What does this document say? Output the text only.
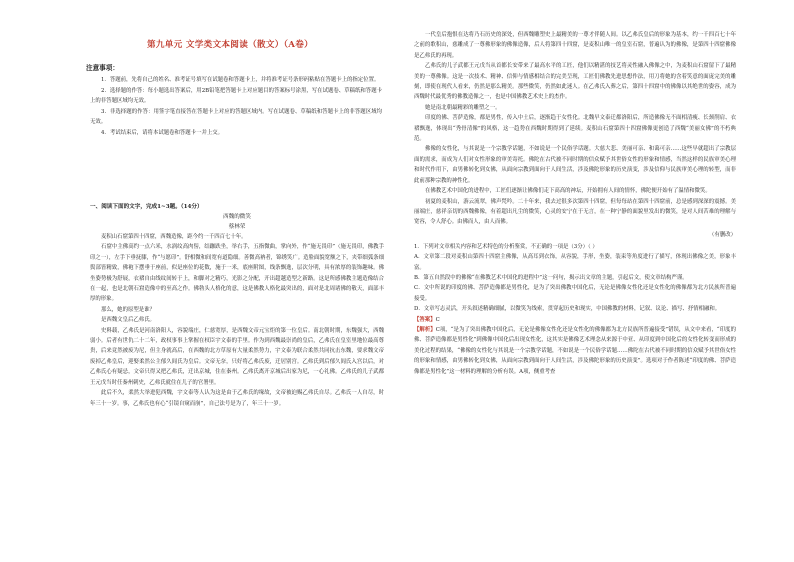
第九单元 文学类文本阅读（散文）（A卷）
注意事项：

1．答题前，先将自己的姓名、准考证号填写在试题卷和答题卡上，并将准考证号条形码粘贴在答题卡上的指定位置。

2．选择题的作答：每小题选出答案后，用2B铅笔把答题卡上对应题目的答案标号涂黑，写在试题卷、草稿纸和答题卡上的非答题区域均无效。

3．非选择题的作答：用签字笔直接答在答题卡上对应的答题区域内。写在试题卷、草稿纸和答题卡上的非答题区域均无效。

4．考试结束后，请将本试题卷和答题卡一并上交。

一、阅读下面的文字，完成1~3题。（14分）
西魏的微笑
蔡林荣

麦积山石窟第四十四窟，西魏造像，距今约一千四百七十年。

石窟中主佛高约一点六米，水涡纹高肉髻，结跏趺坐，举右手，五指微曲，掌向外，作“施无畏印”（施无畏印，佛教手印之一），左手下垂抚膝，作“与愿印”。舒相微和间宽有道隐细。善微高衲者，锦绣笑广。造脸面貌宽额之下，夹带细弧条细鬓部皆精致，佛袍下摆垂于座前，似是座位的花数，施于一米，底座附图，线条飘逸，层次分明，具有浓厚的装饰趣味。佛坐姿势极为舒展，衣褶自由线纹间转于上，和脚对之精巧，光影之分配，开出超越造型之新路。这是所感佛教主题造像结合在一起，也是北朝石窟造像中的至高之作。佛勃头人格化的意，这是佛教人格化最突出的，面对是北周诸佛的敬天，面部丰厚的形象。

那么，她的原型是谁？

是西魏文皇后乙弗氏。

史料载，乙弗氏是河南洛阳人，容貌端庄，仁慈宽厚，是西魏文帝元宝炬的第一位皇后。南北朝时期，东魏强大，西魏弱小。后者有世仇二十二年，政权事事上掌握在权臣宇文泰的手里。作为到西魏最崇尚的皇后，乙弗氏在皇室里地位最高尊贵，后来竟然被废为尼，但主身就高后，在西魏的北方草原有大量柔然势力，宇文泰为联合柔然共同抗击东魏，要求魏文帝废掉乙弗皇后，迎娶柔然公主郁久闾氏为皇后。文帝无奈，只好将乙弗氏废，迁居别宫。乙弗氏到后郁久闾氏入宫以后，对乙弗氏心有疑忌，文帝只得又把乙弗氏，迁出京城，住在秦州。乙弗氏离开京城后出家为尼，一心礼佛。乙弗氏的儿子武都王元戊当时任秦州刺史，乙弗氏就住在儿子的官署里。

此后不久，柔然大举进犯西魏，宇文泰等人认为这是由于乙弗氏的缘故，文帝被迫赐乙弗氏自尽。乙弗氏一人自尽，时年三十一岁。事，乙弗氏也有心“引镜自窥而崩”，自己法号是为了，年三十一岁。

一代皇后抱恨在达将乃石历史的深处，但西魏雕塑史上最精美的一尊才伴随人间。以乙弗氏皇后的形象为基本，约一千四百七十年之前的歌积山，慈雕成了一尊佛形象的佛像造像，后人将第四十四窟，是麦积山唯一的皇室石窟，普遍认为的佛像，是第四十四窟佛像是乙弗氏的再现。

乙弗氏的儿子武都王元戊当从首都长安带来了最高水平的工匠，他们以精湛的技艺将灵性融入佛像之中，为麦积山石窟留下了最精美的一尊佛像。这是一次技术、精神、信仰与情感相结合的完美呈现，工匠们佛教先进思想作法，用刀将她的含着笑意的面庞完美的雕刻，即使在现代人看来，仍然是那么精美。那些微笑，仍然如此迷人。在乙弗氏入葬之后，第四十四窟中的佛像以其绝世的姿容，成为西魏时代最优秀的佛教造像之一，也是中国佛教艺术史上的杰作。

她是南北朝最精彩的雕塑之一。

印度的佛、菩萨造像，都是男性，传入中土后，逐渐趋于女性化。北魏早文泰迁都洛阳后，所造佛像无不面相清瘦、长颈削肩、衣褶飘逸，体现出“秀骨清像”的风格，这一趋势在西魏时期得到了延续。麦积山石窟第四十四窟佛像更创造了西魏“美丽女佛”的不朽典范。

佛像的女性化，与其说是一个宗教学话题，不如说是一个民俗学话题。大慈大悲、美丽可亲、和蔼可亲……这些早就超出了宗教层面的需求，而成为人们对女性形象的审美寄托。佛陀在古代被不同时期的信众赋予其世俗女性的形象和情感，当然这样的民族审美心理和时代作用下，由男佛转化到女佛，从面向宗教到面向于人间生活，涉及佛陀形象的历史演变，涉及信仰与民族审美心理的转型，而非此前那种宗教的神性化。

在佛教艺术中国化的进程中，工匠们逐渐让佛像们走下高高的神坛，开始拥有人间的情怀，佛陀便开始有了温情和微笑。

初夏的麦积山，游云流翠，佛声梵吟。二十年来，我去过很多次第四十四窟，但每每站在第四十四窟前，总是感到深深的震撼。美丽端庄，慈祥亲切的西魏佛像，有着超出凡尘的微笑，心灵的安宁在于无言，在一种宁静的面貌里发出的微笑，是对人间苦难的理解与宽容，令人舒心。由佛而人，由人而佛。

（有删改）

1．下列对文章相关内容和艺术特色的分析鉴赏，不正确的一项是（3分）（ ）

A．文章第二段对麦积山第四十四窟主佛像，从高耳到衣饰，从容貌，手形，坐姿，装束等角度进行了描写，体现出佛像之美，形象丰富。

B．第五自然段中的佛像“在佛教艺术中国化的进程中”这一问句，揭示出文章的主题，引起后文，使文章结构严谨。

C．文中所说的印度的佛、菩萨造像都是男性化，是为了突出佛教中国化后，无论是佛像女性化还是女性化的佛像都为北方民族所普遍接受。

D．文章写志灵活，开头叙述精确细腻，以微笑为线索，贯穿起历史和现实，中国佛教的材料，记叙、议论、描写、抒情相融和。

【答案】C

【解析】C项，“是为了突出佛教中国化后，无论是佛像女性化还是女性化的佛像都为北方民族所普遍接受”错误，从文中来看，“印度的佛、菩萨造像都是男性化”到佛像中国化后出现女性化，这其实是佛像艺术理念从来源于中亚、从印度到中国化后的女性化转变而形成的美化过程的结果，“佛像的女性化与其说是一个宗教学话题，不如说是一个民俗学话题……佛陀在古代被不同时期的信众赋予其世俗女性的形象和情感，由男佛转化到女佛，从面向宗教到面向于人间生活，涉及佛陀形象的历史演变”。选项对于作者陈述“印度的佛、菩萨造像都是男性化”这一材料的理解的分析有误。A项，侧重考查
